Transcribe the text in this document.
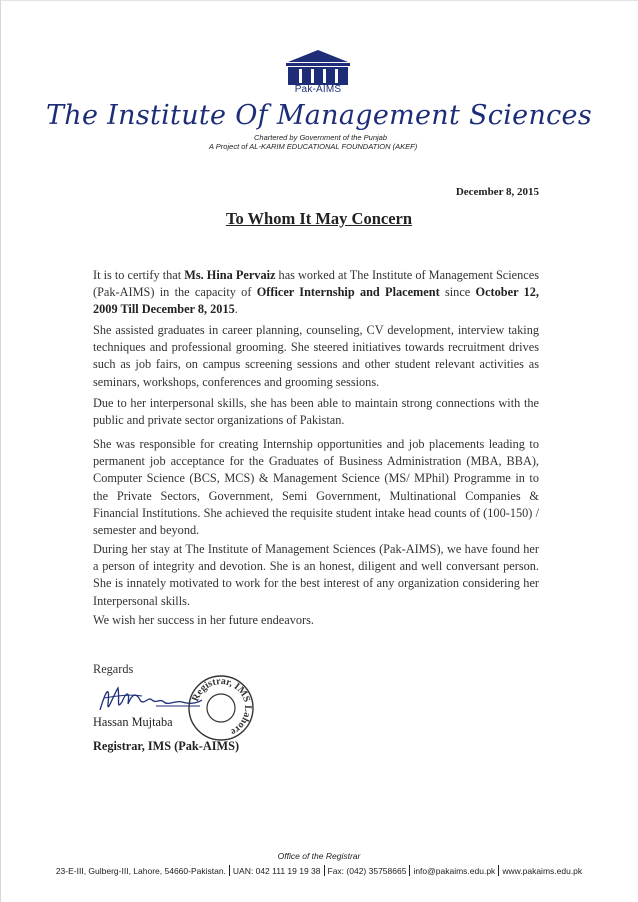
Pak-AIMS
The Institute Of Management Sciences
Chartered by Government of the Punjab
A Project of AL-KARIM EDUCATIONAL FOUNDATION (AKEF)
December 8, 2015
To Whom It May Concern
It is to certify that Ms. Hina Pervaiz has worked at The Institute of Management Sciences (Pak-AIMS) in the capacity of Officer Internship and Placement since October 12, 2009 Till December 8, 2015.
She assisted graduates in career planning, counseling, CV development, interview taking techniques and professional grooming. She steered initiatives towards recruitment drives such as job fairs, on campus screening sessions and other student relevant activities as seminars, workshops, conferences and grooming sessions.
Due to her interpersonal skills, she has been able to maintain strong connections with the public and private sector organizations of Pakistan.
She was responsible for creating Internship opportunities and job placements leading to permanent job acceptance for the Graduates of Business Administration (MBA, BBA), Computer Science (BCS, MCS) & Management Science (MS/ MPhil) Programme in to the Private Sectors, Government, Semi Government, Multinational Companies & Financial Institutions. She achieved the requisite student intake head counts of (100-150) / semester and beyond.
During her stay at The Institute of Management Sciences (Pak-AIMS), we have found her a person of integrity and devotion. She is an honest, diligent and well conversant person. She is innately motivated to work for the best interest of any organization considering her Interpersonal skills.
We wish her success in her future endeavors.
Regards
Hassan Mujtaba
Registrar, IMS Lahore
Registrar, IMS (Pak-AIMS)
Office of the Registrar
23-E-III, Gulberg-III, Lahore, 54660-Pakistan. UAN: 042 111 19 19 38 Fax: (042) 35758665 info@pakaims.edu.pk www.pakaims.edu.pk
